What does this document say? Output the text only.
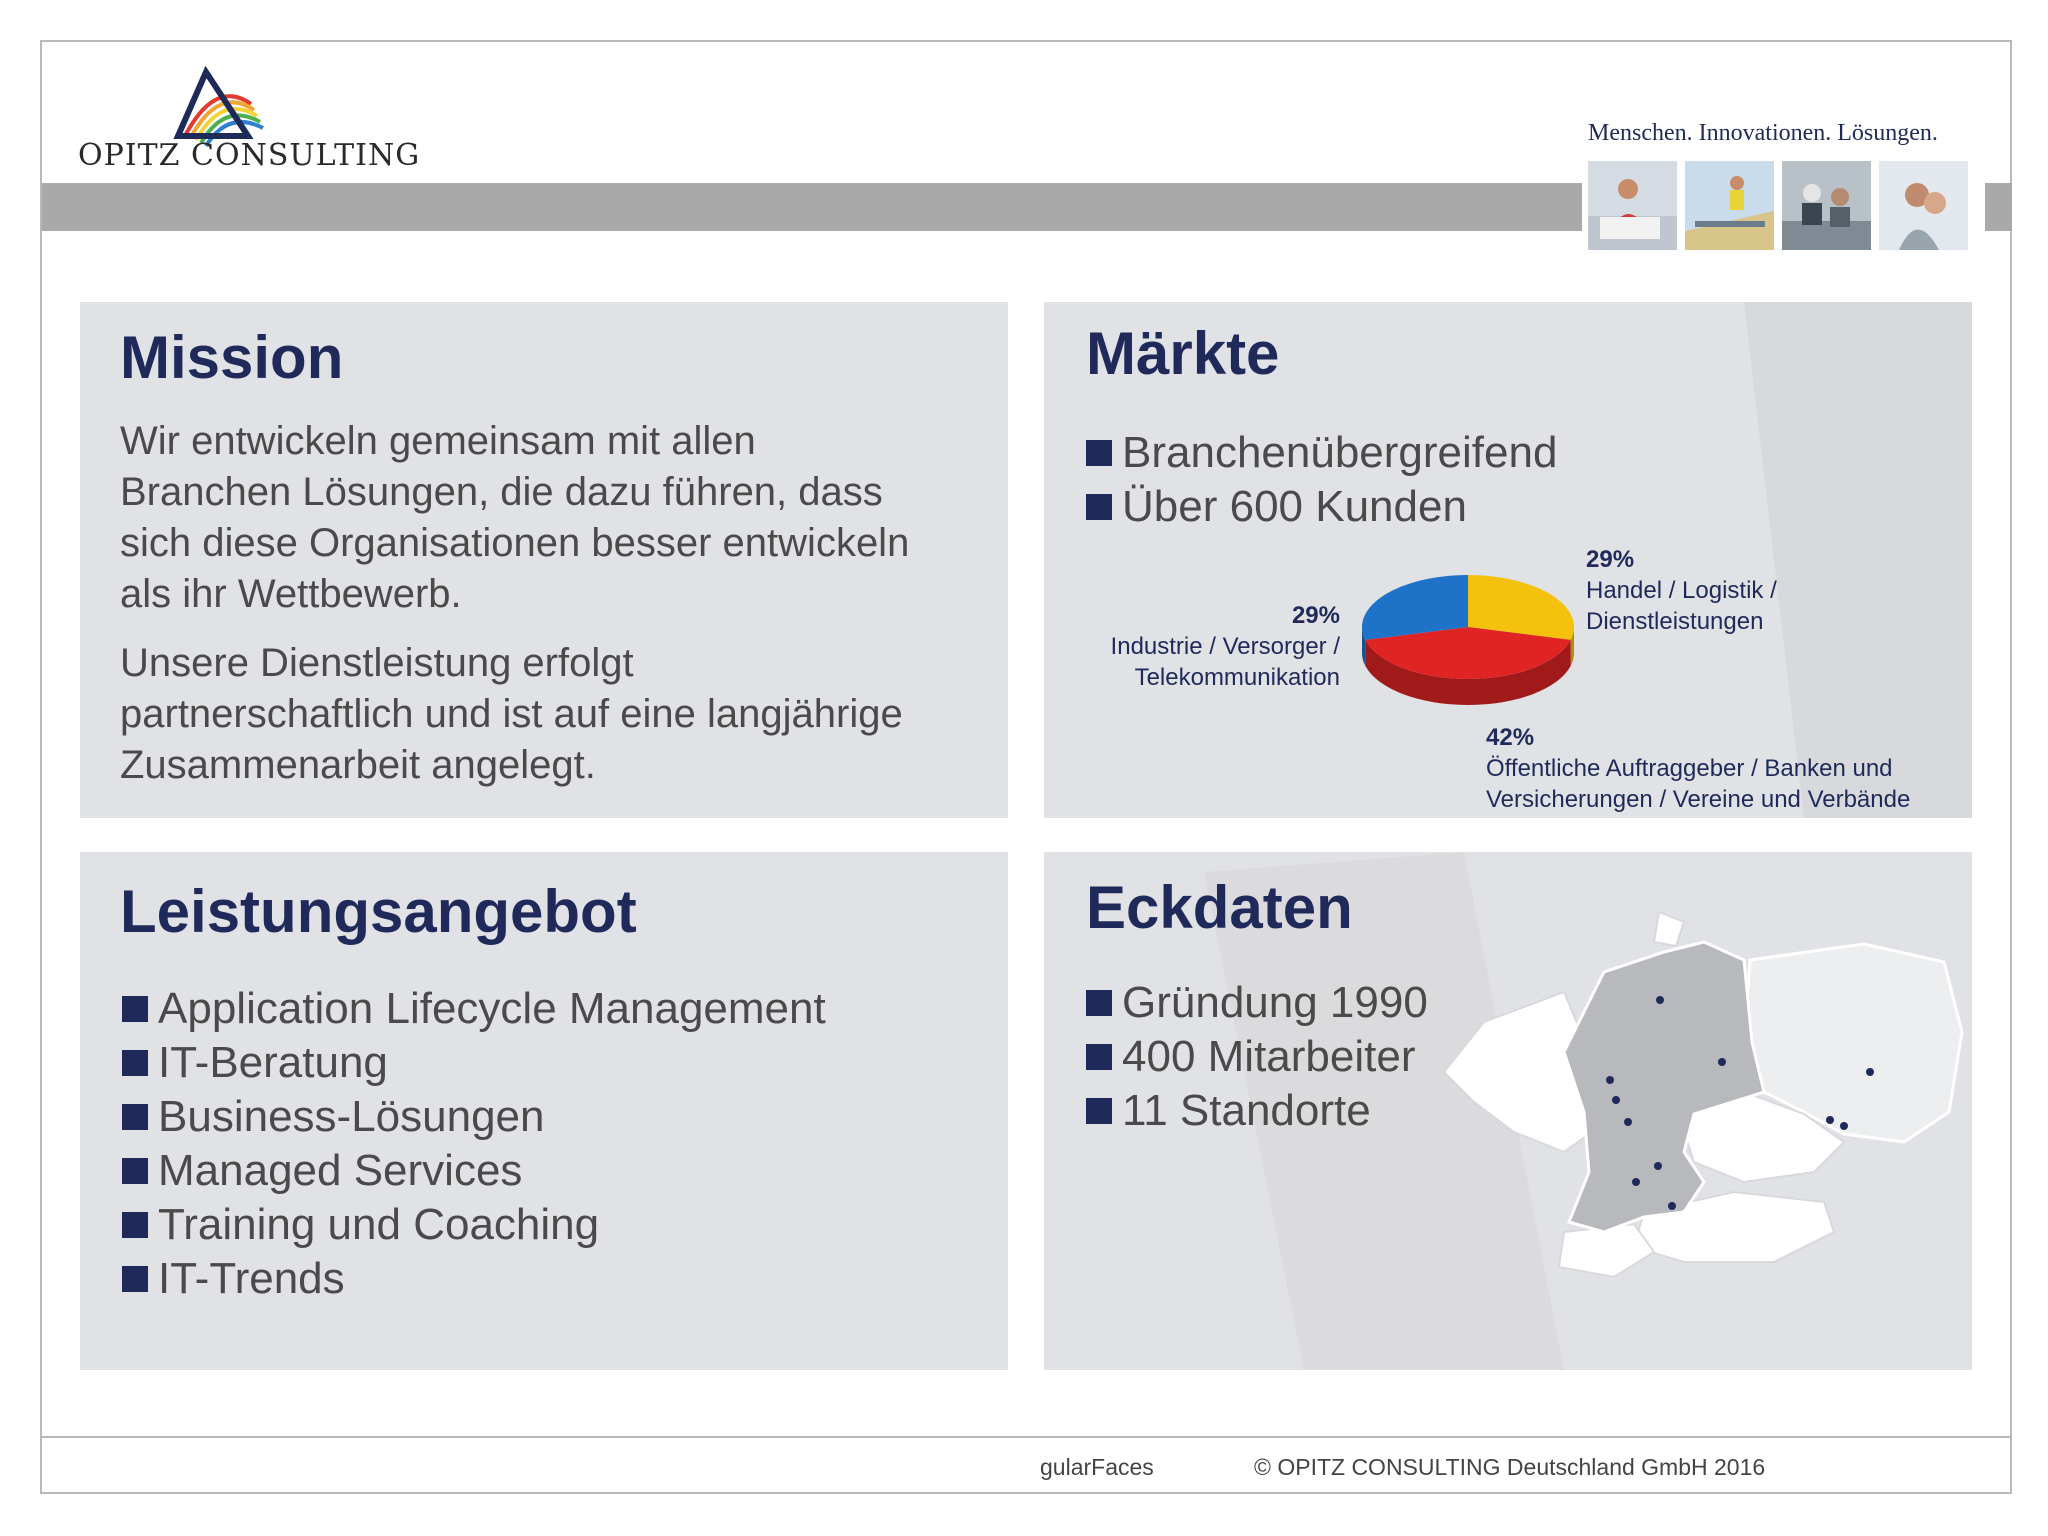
OPITZ CONSULTING
Menschen. Innovationen. Lösungen.
Mission
Wir entwickeln gemeinsam mit allen
Branchen Lösungen, die dazu führen, dass
sich diese Organisationen besser entwickeln
als ihr Wettbewerb.
Unsere Dienstleistung erfolgt
partnerschaftlich und ist auf eine langjährige
Zusammenarbeit angelegt.
Märkte
Branchenübergreifend
Über 600 Kunden
29%
Handel / Logistik /
Dienstleistungen
29%
Industrie / Versorger /
Telekommunikation
42%
Öffentliche Auftraggeber / Banken und
Versicherungen / Vereine und Verbände
Leistungsangebot
Application Lifecycle Management
IT-Beratung
Business-Lösungen
Managed Services
Training und Coaching
IT-Trends
Eckdaten
Gründung 1990
400 Mitarbeiter
11 Standorte
gularFaces	© OPITZ CONSULTING Deutschland GmbH 2016
